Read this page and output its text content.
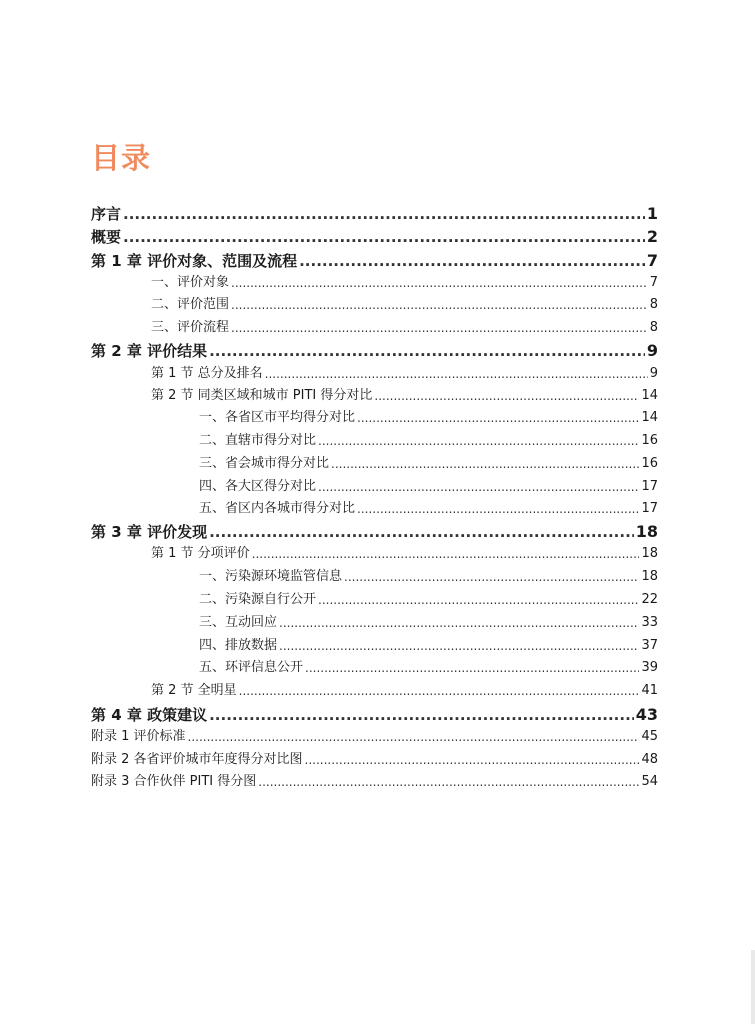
目录
序言 .....	1
概要 .....	2
第 1 章 评价对象、范围及流程 .....	7
一、评价对象 .....	7
二、评价范围 .....	8
三、评价流程 .....	8
第 2 章 评价结果 .....	9
第 1 节 总分及排名 .....	9
第 2 节 同类区域和城市 PITI 得分对比 .....	14
一、各省区市平均得分对比 .....	14
二、直辖市得分对比 .....	16
三、省会城市得分对比 .....	16
四、各大区得分对比 .....	17
五、省区内各城市得分对比 .....	17
第 3 章 评价发现 .....	18
第 1 节 分项评价 .....	18
一、污染源环境监管信息 .....	18
二、污染源自行公开 .....	22
三、互动回应 .....	33
四、排放数据 .....	37
五、环评信息公开 .....	39
第 2 节 全明星 .....	41
第 4 章 政策建议 .....	43
附录 1 评价标准 .....	45
附录 2 各省评价城市年度得分对比图 .....	48
附录 3 合作伙伴 PITI 得分图 .....	54
